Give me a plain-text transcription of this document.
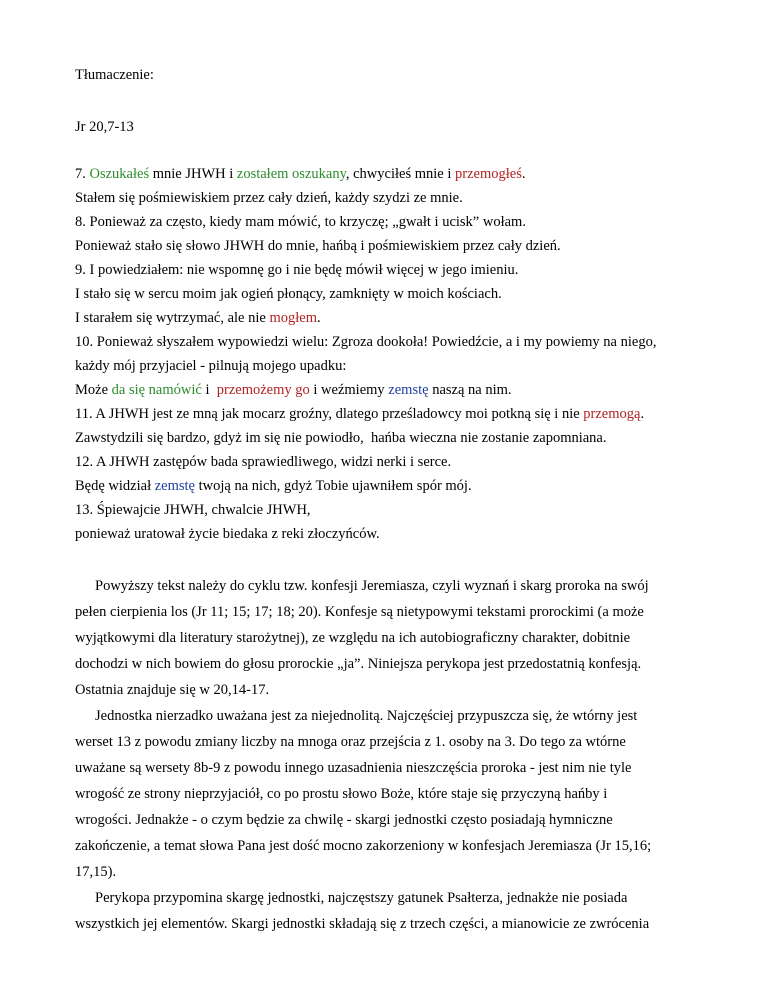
Tłumaczenie:
Jr 20,7-13
7. Oszukałeś mnie JHWH i zostałem oszukany, chwyciłeś mnie i przemogłeś.
Stałem się pośmiewiskiem przez cały dzień, każdy szydzi ze mnie.
8. Ponieważ za często, kiedy mam mówić, to krzyczę; „gwałt i ucisk” wołam.
Ponieważ stało się słowo JHWH do mnie, hańbą i pośmiewiskiem przez cały dzień.
9. I powiedziałem: nie wspomnę go i nie będę mówił więcej w jego imieniu.
I stało się w sercu moim jak ogień płonący, zamknięty w moich kościach.
I starałem się wytrzymać, ale nie mogłem.
10. Ponieważ słyszałem wypowiedzi wielu: Zgroza dookoła! Powiedźcie, a i my powiemy na niego,
każdy mój przyjaciel - pilnują mojego upadku:
Może da się namówić i  przemożemy go i weźmiemy zemstę naszą na nim.
11. A JHWH jest ze mną jak mocarz groźny, dlatego prześladowcy moi potkną się i nie przemogą.
Zawstydzili się bardzo, gdyż im się nie powiodło,  hańba wieczna nie zostanie zapomniana.
12. A JHWH zastępów bada sprawiedliwego, widzi nerki i serce.
Będę widział zemstę twoją na nich, gdyż Tobie ujawniłem spór mój.
13. Śpiewajcie JHWH, chwalcie JHWH,
ponieważ uratował życie biedaka z reki złoczyńców.
Powyższy tekst należy do cyklu tzw. konfesji Jeremiasza, czyli wyznań i skarg proroka na swój
pełen cierpienia los (Jr 11; 15; 17; 18; 20). Konfesje są nietypowymi tekstami prorockimi (a może
wyjątkowymi dla literatury starożytnej), ze względu na ich autobiograficzny charakter, dobitnie
dochodzi w nich bowiem do głosu prorockie „ja”. Niniejsza perykopa jest przedostatnią konfesją.
Ostatnia znajduje się w 20,14-17.
Jednostka nierzadko uważana jest za niejednolitą. Najczęściej przypuszcza się, że wtórny jest
werset 13 z powodu zmiany liczby na mnoga oraz przejścia z 1. osoby na 3. Do tego za wtórne
uważane są wersety 8b-9 z powodu innego uzasadnienia nieszczęścia proroka - jest nim nie tyle
wrogość ze strony nieprzyjaciół, co po prostu słowo Boże, które staje się przyczyną hańby i
wrogości. Jednakże - o czym będzie za chwilę - skargi jednostki często posiadają hymniczne
zakończenie, a temat słowa Pana jest dość mocno zakorzeniony w konfesjach Jeremiasza (Jr 15,16;
17,15).
Perykopa przypomina skargę jednostki, najczęstszy gatunek Psałterza, jednakże nie posiada
wszystkich jej elementów. Skargi jednostki składają się z trzech części, a mianowicie ze zwrócenia
